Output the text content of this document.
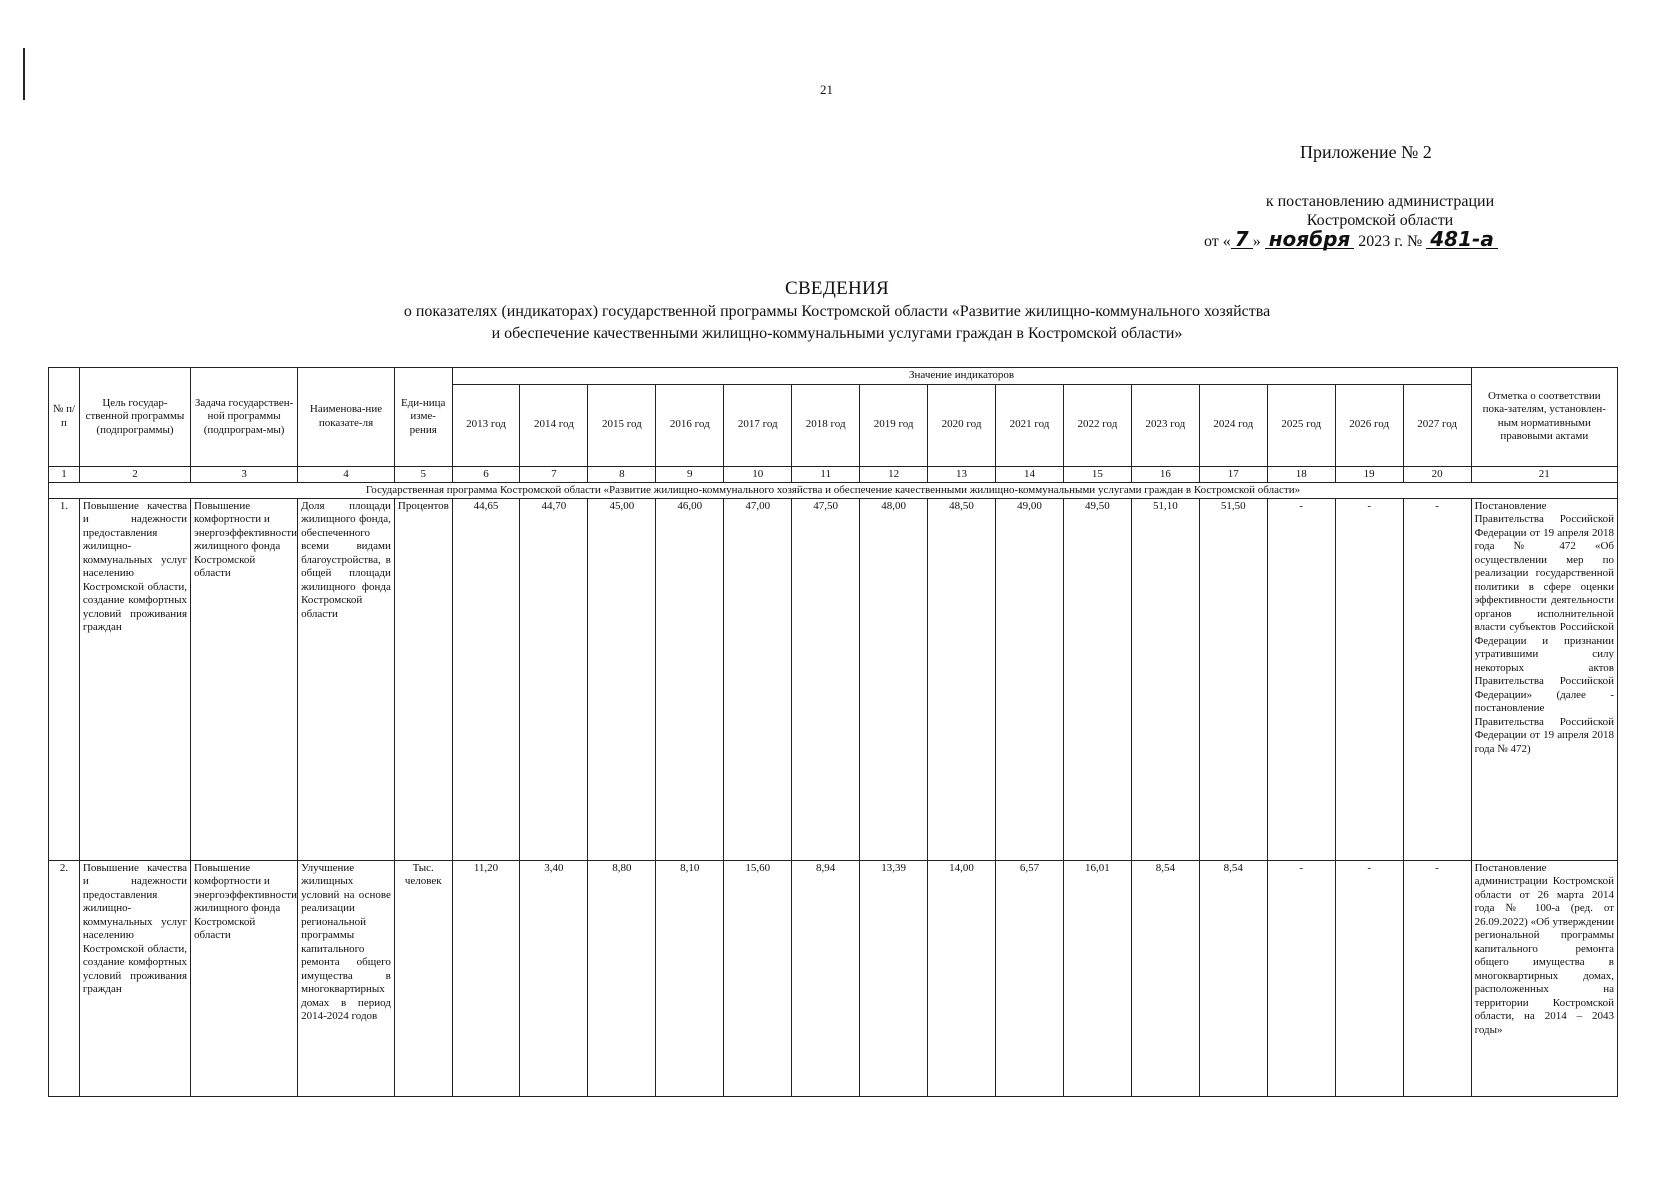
21
Приложение № 2
к постановлению администрации
Костромской области
от « 7 » ноября 2023 г. № 481-а
СВЕДЕНИЯ
о показателях (индикаторах) государственной программы Костромской области «Развитие жилищно-коммунального хозяйства
и обеспечение качественными жилищно-коммунальными услугами граждан в Костромской области»
№ п/п	Цель государ-ственной программы (подпрограммы)	Задача государствен-ной программы (подпрограм-мы)	Наименова-ние показате-ля	Еди-ница изме-рения	Значение индикаторов															Отметка о соответствии пока-зателям, установлен-ным нормативными правовыми актами
					2013 год	2014 год	2015 год	2016 год	2017 год	2018 год	2019 год	2020 год	2021 год	2022 год	2023 год	2024 год	2025 год	2026 год	2027 год	
1	2	3	4	5	6	7	8	9	10	11	12	13	14	15	16	17	18	19	20	21
Государственная программа Костромской области «Развитие жилищно-коммунального хозяйства и обеспечение качественными жилищно-коммунальными услугами граждан в Костромской области»																				
1.	Повышение качества и надежности предоставления жилищно-коммунальных услуг населению Костромской области, создание комфортных условий проживания граждан	Повышение комфортности и энергоэффективности жилищного фонда Костромской области	Доля площади жилищного фонда, обеспеченного всеми видами благоустройства, в общей площади жилищного фонда Костромской области	Процентов	44,65	44,70	45,00	46,00	47,00	47,50	48,00	48,50	49,00	49,50	51,10	51,50	-	-	-	Постановление Правительства Российской Федерации от 19 апреля 2018 года № 472 «Об осуществлении мер по реализации государственной политики в сфере оценки эффективности деятельности органов исполнительной власти субъектов Российской Федерации и признании утратившими силу некоторых актов Правительства Российской Федерации» (далее - постановление Правительства Российской Федерации от 19 апреля 2018 года № 472)
2.	Повышение качества и надежности предоставления жилищно-коммунальных услуг населению Костромской области, создание комфортных условий проживания граждан	Повышение комфортности и энергоэффективности жилищного фонда Костромской области	Улучшение жилищных условий на основе реализации региональной программы капитального ремонта общего имущества в многоквартирных домах в период 2014-2024 годов	Тыс. человек	11,20	3,40	8,80	8,10	15,60	8,94	13,39	14,00	6,57	16,01	8,54	8,54	-	-	-	Постановление администрации Костромской области от 26 марта 2014 года № 100-а (ред. от 26.09.2022) «Об утверждении региональной программы капитального ремонта общего имущества в многоквартирных домах, расположенных на территории Костромской области, на 2014 – 2043 годы»
